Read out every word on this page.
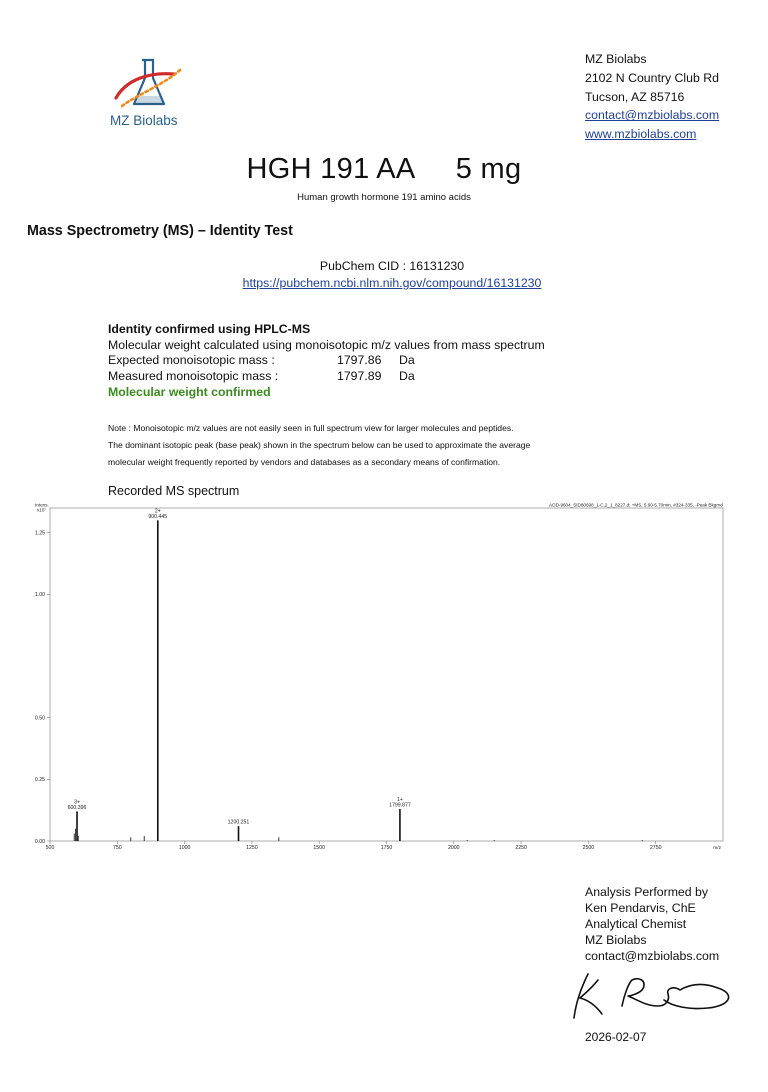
MZ Biolabs
MZ Biolabs
2102 N Country Club Rd
Tucson, AZ 85716
contact@mzbiolabs.com
www.mzbiolabs.com
HGH 191 AA     5 mg
Human growth hormone 191 amino acids
Mass Spectrometry (MS) – Identity Test
PubChem CID : 16131230
https://pubchem.ncbi.nlm.nih.gov/compound/16131230
Identity confirmed using HPLC-MS
Molecular weight calculated using monoisotopic m/z values from mass spectrum
Expected monoisotopic mass :	1797.86 Da
Measured monoisotopic mass :	1797.89 Da
Molecular weight confirmed
Note : Monoisotopic m/z values are not easily seen in full spectrum view for larger molecules and peptides.
The dominant isotopic peak (base peak) shown in the spectrum below can be used to approximate the average
molecular weight frequently reported by vendors and databases as a secondary means of confirmation.
Recorded MS spectrum
AOD-9604_SID80698_1-C,2_1_8227.d: +MS, 5.60-5.70min, #324-335, -Peak Bkgrnd
Intens.
x10⁷
m/z
0.00
0.25
0.50
1.00
1.25
500	750	1000	1250	1500	1750	2000	2250	2500	2750
600.396
3+
900.445
2+
1200.251
1799.877
1+
Analysis Performed by
Ken Pendarvis, ChE
Analytical Chemist
MZ Biolabs
contact@mzbiolabs.com
2026-02-07
